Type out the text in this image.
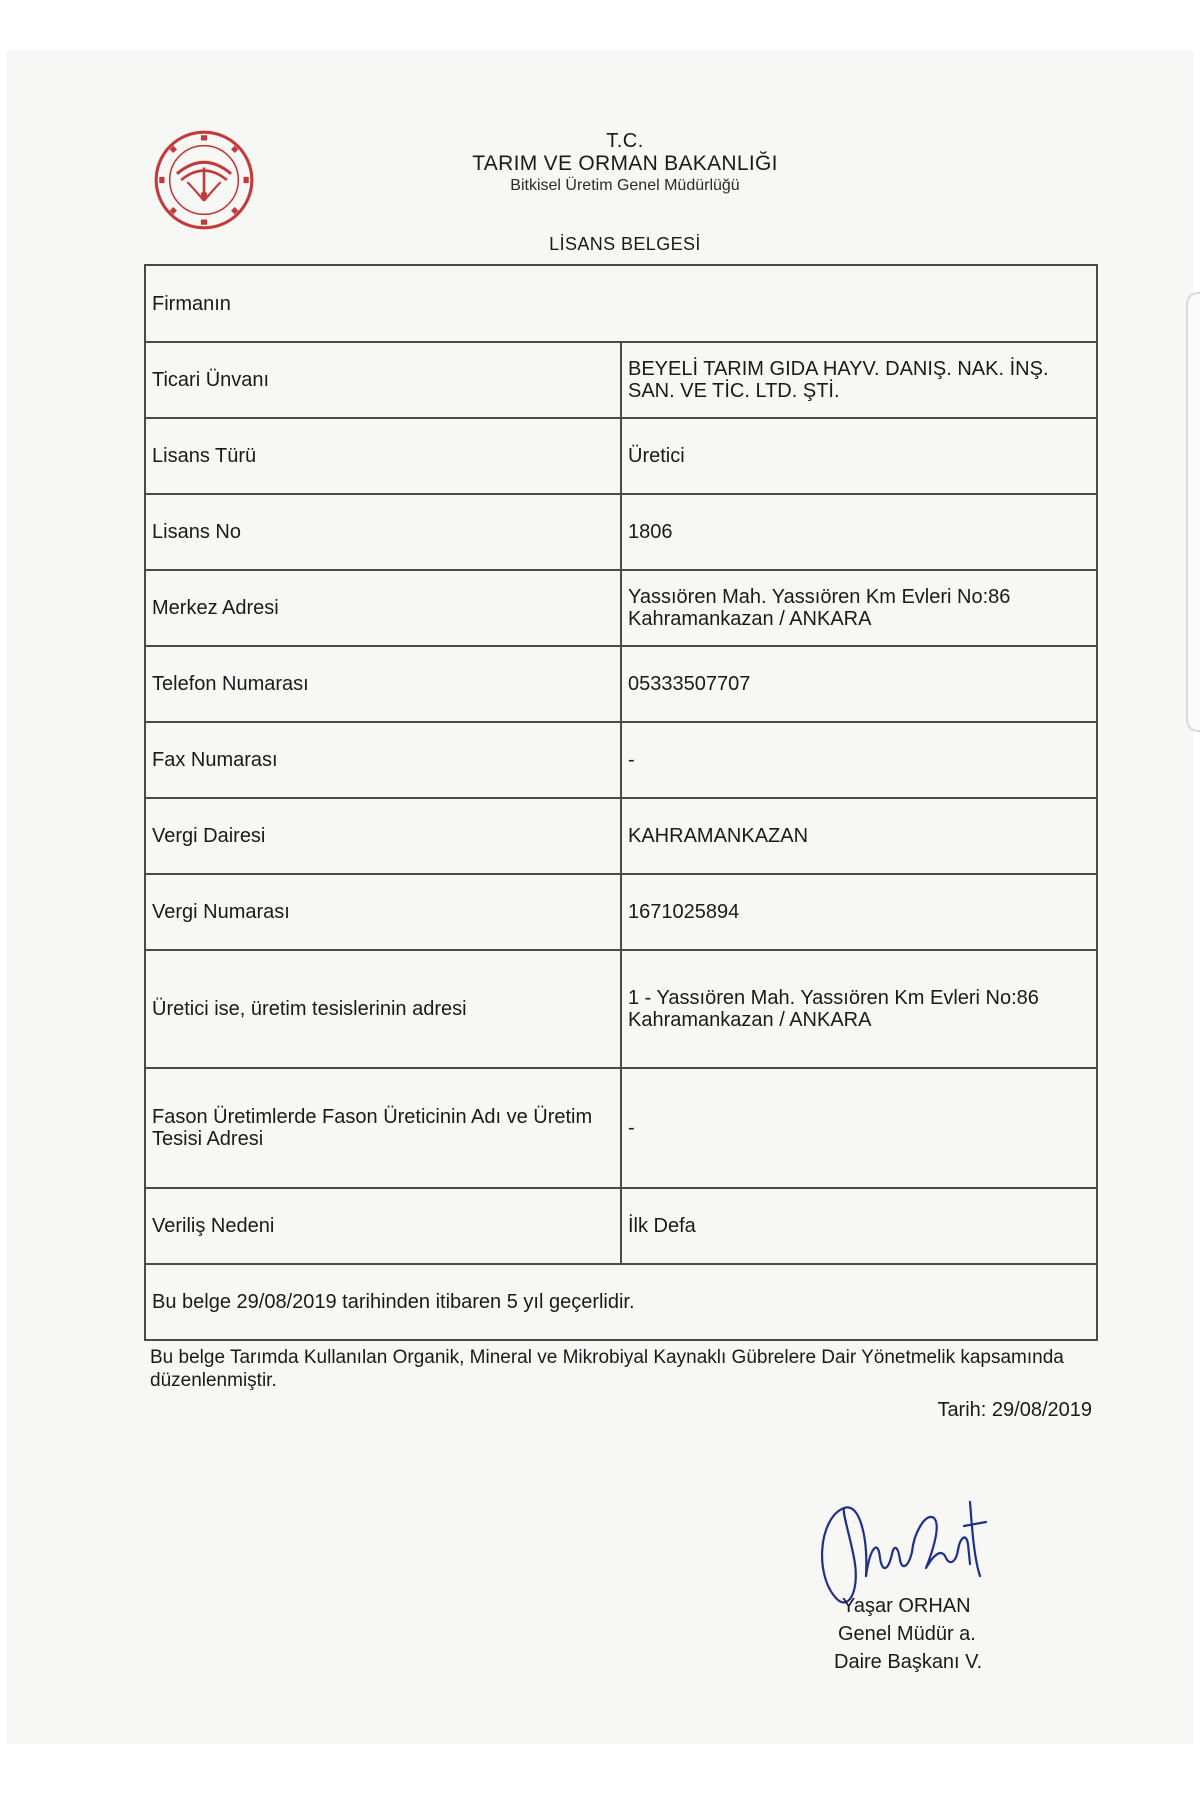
T.C.
TARIM VE ORMAN BAKANLIĞI
Bitkisel Üretim Genel Müdürlüğü
LİSANS BELGESİ
Firmanın
Ticari Ünvanı	BEYELİ TARIM GIDA HAYV. DANIŞ. NAK. İNŞ. SAN. VE TİC. LTD. ŞTİ.
Lisans Türü	Üretici
Lisans No	1806
Merkez Adresi	Yassıören Mah. Yassıören Km Evleri No:86 Kahramankazan / ANKARA
Telefon Numarası	05333507707
Fax Numarası	-
Vergi Dairesi	KAHRAMANKAZAN
Vergi Numarası	1671025894
Üretici ise, üretim tesislerinin adresi	1 - Yassıören Mah. Yassıören Km Evleri No:86 Kahramankazan / ANKARA
Fason Üretimlerde Fason Üreticinin Adı ve Üretim Tesisi Adresi	-
Veriliş Nedeni	İlk Defa
Bu belge 29/08/2019 tarihinden itibaren 5 yıl geçerlidir.
Bu belge Tarımda Kullanılan Organik, Mineral ve Mikrobiyal Kaynaklı Gübrelere Dair Yönetmelik kapsamında düzenlenmiştir.
Tarih: 29/08/2019
Yaşar ORHAN
Genel Müdür a.
Daire Başkanı V.
